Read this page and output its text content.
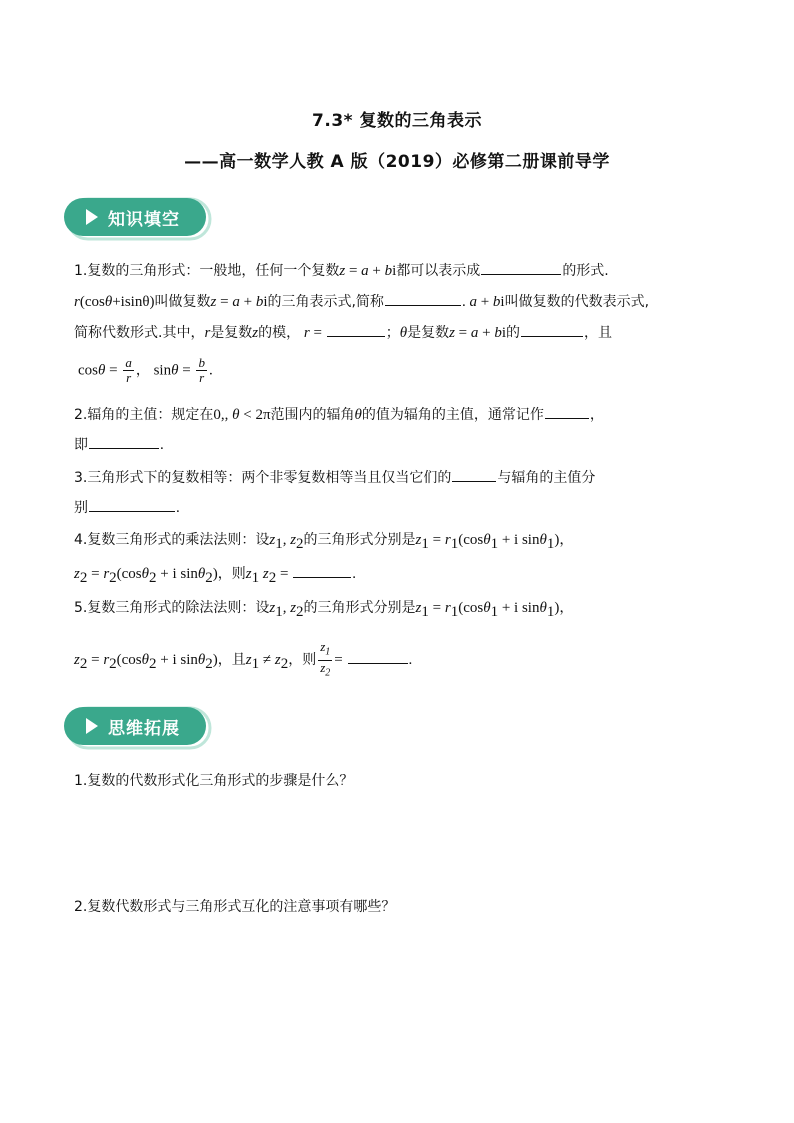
7.3* 复数的三角表示
——高一数学人教 A 版（2019）必修第二册课前导学
知识填空
1.复数的三角形式：一般地，任何一个复数z = a + bi都可以表示成	的形式.
r(cosθ+isinθ)叫做复数z = a + bi的三角表示式,简称	. a + bi叫做复数的代数表示式,
简称代数形式.其中，r是复数z的模， r =	；θ是复数z = a + bi的	，且
$\cos\theta = \frac{a}{r}$ ， $\sin\theta = \frac{b}{r}$ .
2.辐角的主值：规定在0,, θ < 2π范围内的辐角θ的值为辐角的主值，通常记作	，
即	.
3.三角形式下的复数相等：两个非零复数相等当且仅当它们的	与辐角的主值分
别	.
4.复数三角形式的乘法法则：设$z_1$, $z_2$的三角形式分别是$z_1 = r_1(\cos\theta_1 + i$ sinθ$_1$)，
$z_2 = r_2(\cos\theta_2 + i$ sinθ$_2$)，则$z_1$ $z_2$ =	.
5.复数三角形式的除法法则：设$z_1$, $z_2$的三角形式分别是$z_1 = r_1(\cos\theta_1 + i$ sinθ$_1$)，
$z_2 = r_2(\cos\theta_2 + i$ sinθ$_2$)，且$z_1 \ne z_2$，则 $\frac{z_1}{z_2}$ =	.
思维拓展
1.复数的代数形式化三角形式的步骤是什么？
2.复数代数形式与三角形式互化的注意事项有哪些？
